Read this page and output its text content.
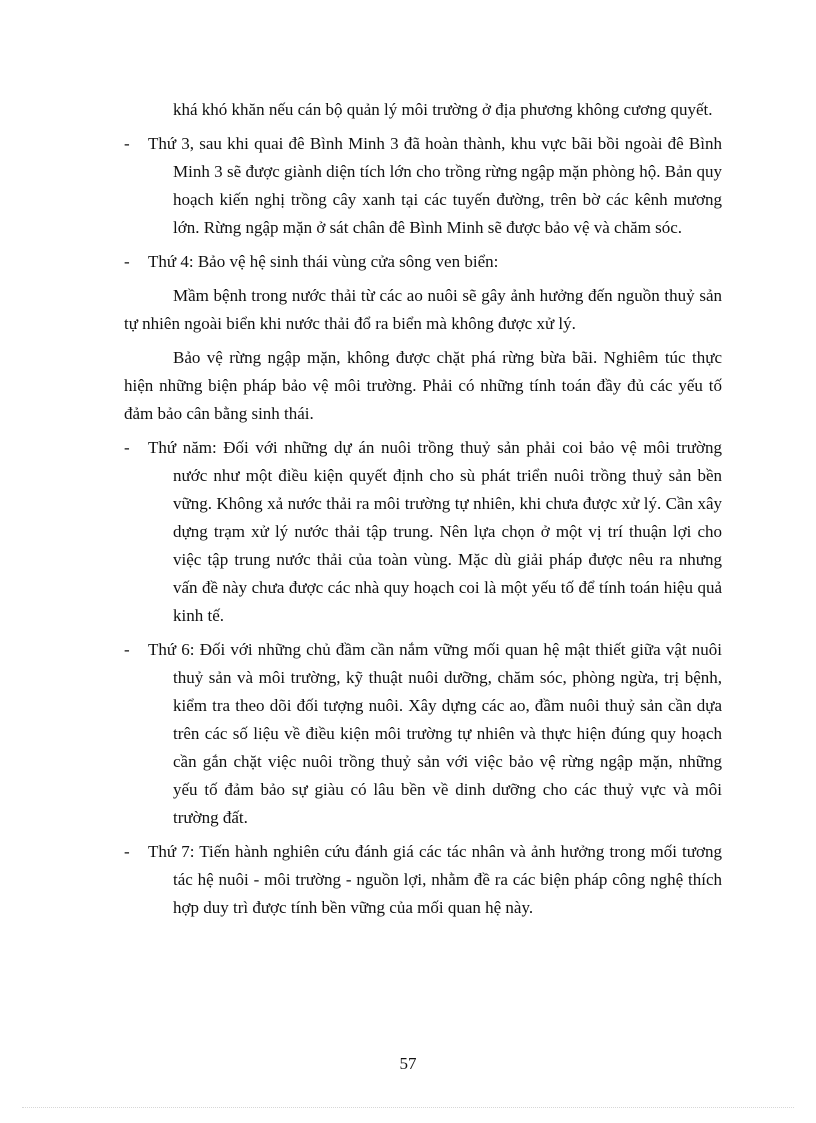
khá khó khăn nếu cán bộ quản lý môi trường ở địa phương không cương quyết.

-	Thứ 3, sau khi quai đê Bình Minh 3 đã hoàn thành, khu vực bãi bồi ngoài đê Bình Minh 3 sẽ được giành diện tích lớn cho trồng rừng ngập mặn phòng hộ. Bản quy hoạch kiến nghị trồng cây xanh tại các tuyến đường, trên bờ các kênh mương lớn. Rừng ngập mặn ở sát chân đê Bình Minh sẽ được bảo vệ và chăm sóc.
-	Thứ 4: Bảo vệ hệ sinh thái vùng cửa sông ven biển:

Mầm bệnh trong nước thải từ các ao nuôi sẽ gây ảnh hưởng đến nguồn thuỷ sản tự nhiên ngoài biển khi nước thải đổ ra biển mà không được xử lý.

Bảo vệ rừng ngập mặn, không được chặt phá rừng bừa bãi. Nghiêm túc thực hiện những biện pháp bảo vệ môi trường. Phải có những tính toán đầy đủ các yếu tố đảm bảo cân bằng sinh thái.

-	Thứ năm: Đối với những dự án nuôi trồng thuỷ sản phải coi bảo vệ môi trường nước như một điều kiện quyết định cho sù phát triển nuôi trồng thuỷ sản bền vững. Không xả nước thải ra môi trường tự nhiên, khi chưa được xử lý. Cần xây dựng trạm xử lý nước thải tập trung. Nên lựa chọn ở một vị trí thuận lợi cho việc tập trung nước thải của toàn vùng. Mặc dù giải pháp được nêu ra nhưng vấn đề này chưa được các nhà quy hoạch coi là một yếu tố để tính toán hiệu quả kinh tế.
-	Thứ 6: Đối với những chủ đầm cần nắm vững mối quan hệ mật thiết giữa vật nuôi thuỷ sản và môi trường, kỹ thuật nuôi dưỡng, chăm sóc, phòng ngừa, trị bệnh, kiểm tra theo dõi đối tượng nuôi. Xây dựng các ao, đầm nuôi thuỷ sản cần dựa trên các số liệu về điều kiện môi trường tự nhiên và thực hiện đúng quy hoạch cần gắn chặt việc nuôi trồng thuỷ sản với việc bảo vệ rừng ngập mặn, những yếu tố đảm bảo sự giàu có lâu bền về dinh dưỡng cho các thuỷ vực và môi trường đất.
-	Thứ 7: Tiến hành nghiên cứu đánh giá các tác nhân và ảnh hưởng trong mối tương tác hệ nuôi - môi trường - nguồn lợi, nhằm đề ra các biện pháp công nghệ thích hợp duy trì được tính bền vững của mối quan hệ này.
57
